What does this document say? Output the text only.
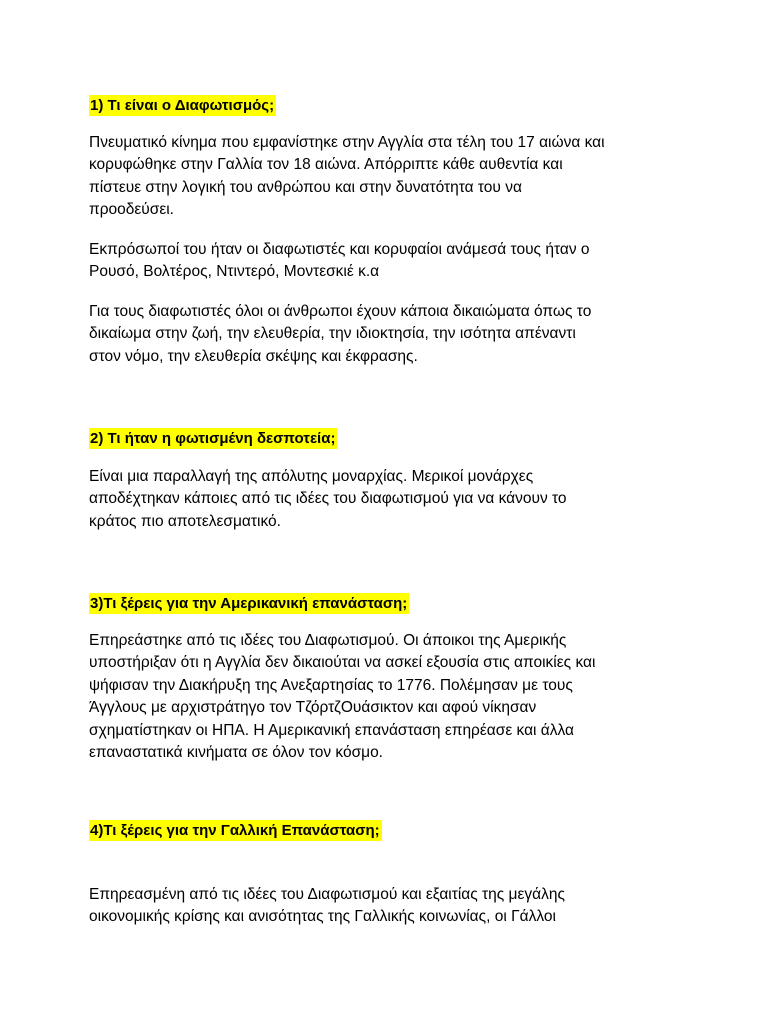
1) Τι είναι ο Διαφωτισμός;
Πνευματικό κίνημα που εμφανίστηκε στην Αγγλία στα τέλη του 17 αιώνα και
κορυφώθηκε στην Γαλλία τον 18 αιώνα. Απόρριπτε κάθε αυθεντία και
πίστευε στην λογική του ανθρώπου και στην δυνατότητα του να
προοδεύσει.
Εκπρόσωποί του ήταν οι διαφωτιστές και κορυφαίοι ανάμεσά τους ήταν ο
Ρουσό, Βολτέρος, Ντιντερό, Μοντεσκιέ κ.α
Για τους διαφωτιστές όλοι οι άνθρωποι έχουν κάποια δικαιώματα όπως το
δικαίωμα στην ζωή, την ελευθερία, την ιδιοκτησία, την ισότητα απέναντι
στον νόμο, την ελευθερία σκέψης και έκφρασης.
2) Τι ήταν η φωτισμένη δεσποτεία;
Είναι μια παραλλαγή της απόλυτης μοναρχίας. Μερικοί μονάρχες
αποδέχτηκαν κάποιες από τις ιδέες του διαφωτισμού για να κάνουν το
κράτος πιο αποτελεσματικό.
3)Τι ξέρεις για την Αμερικανική επανάσταση;
Επηρεάστηκε από τις ιδέες του Διαφωτισμού. Οι άποικοι της Αμερικής
υποστήριξαν ότι η Αγγλία δεν δικαιούται να ασκεί εξουσία στις αποικίες και
ψήφισαν την Διακήρυξη της Ανεξαρτησίας το 1776. Πολέμησαν με τους
Άγγλους με αρχιστράτηγο τον ΤζόρτζΟυάσικτον και αφού νίκησαν
σχηματίστηκαν οι ΗΠΑ. Η Αμερικανική επανάσταση επηρέασε και άλλα
επαναστατικά κινήματα σε όλον τον κόσμο.
4)Τι ξέρεις για την Γαλλική Επανάσταση;
Επηρεασμένη από τις ιδέες του Διαφωτισμού και εξαιτίας της μεγάλης
οικονομικής κρίσης και ανισότητας της Γαλλικής κοινωνίας, οι Γάλλοι
